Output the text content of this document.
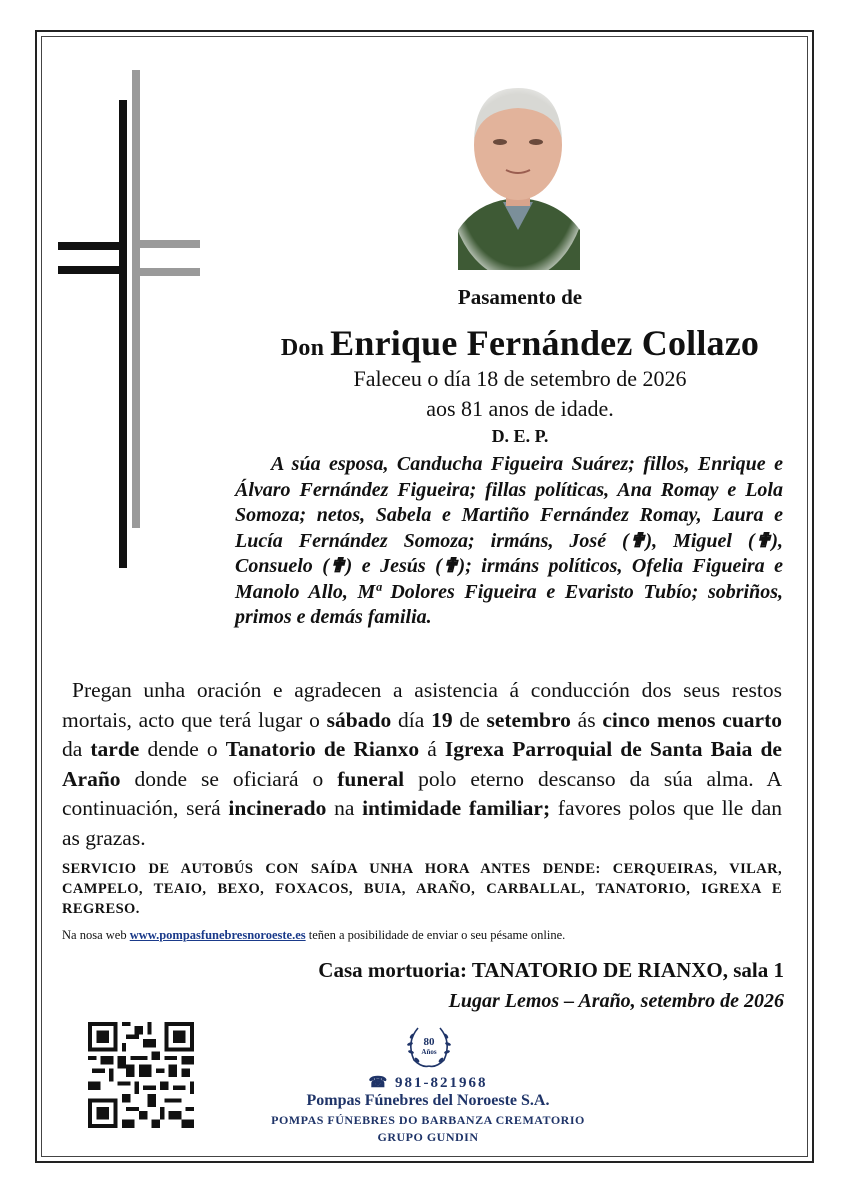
Pasamento de
Don Enrique Fernández Collazo
Faleceu o día 18 de setembro de 2026
aos 81 anos de idade.
D. E. P.
A súa esposa, Canducha Figueira Suárez; fillos, Enrique e Álvaro Fernández Figueira; fillas políticas, Ana Romay e Lola Somoza; netos, Sabela e Martiño Fernández Romay, Laura e Lucía Fernández Somoza; irmáns, José (✟), Miguel (✟), Consuelo (✟) e Jesús (✟); irmáns políticos, Ofelia Figueira e Manolo Allo, Mª Dolores Figueira e Evaristo Tubío; sobriños, primos e demás familia.
Pregan unha oración e agradecen a asistencia á conducción dos seus restos mortais, acto que terá lugar o sábado día 19 de setembro ás cinco menos cuarto da tarde dende o Tanatorio de Rianxo á Igrexa Parroquial de Santa Baia de Araño donde se oficiará o funeral polo eterno descanso da súa alma. A continuación, será incinerado na intimidade familiar; favores polos que lle dan as grazas.
SERVICIO DE AUTOBÚS CON SAÍDA UNHA HORA ANTES DENDE: CERQUEIRAS, VILAR, CAMPELO, TEAIO, BEXO, FOXACOS, BUIA, ARAÑO, CARBALLAL, TANATORIO, IGREXA E REGRESO.
Na nosa web www.pompasfunebresnoroeste.es teñen a posibilidade de enviar o seu pésame online.
Casa mortuoria: TANATORIO DE RIANXO, sala 1
Lugar Lemos – Araño, setembro de 2026
80
Años
☎ 981-821968
Pompas Fúnebres del Noroeste S.A.
POMPAS FÚNEBRES DO BARBANZA CREMATORIO
GRUPO GUNDIN
